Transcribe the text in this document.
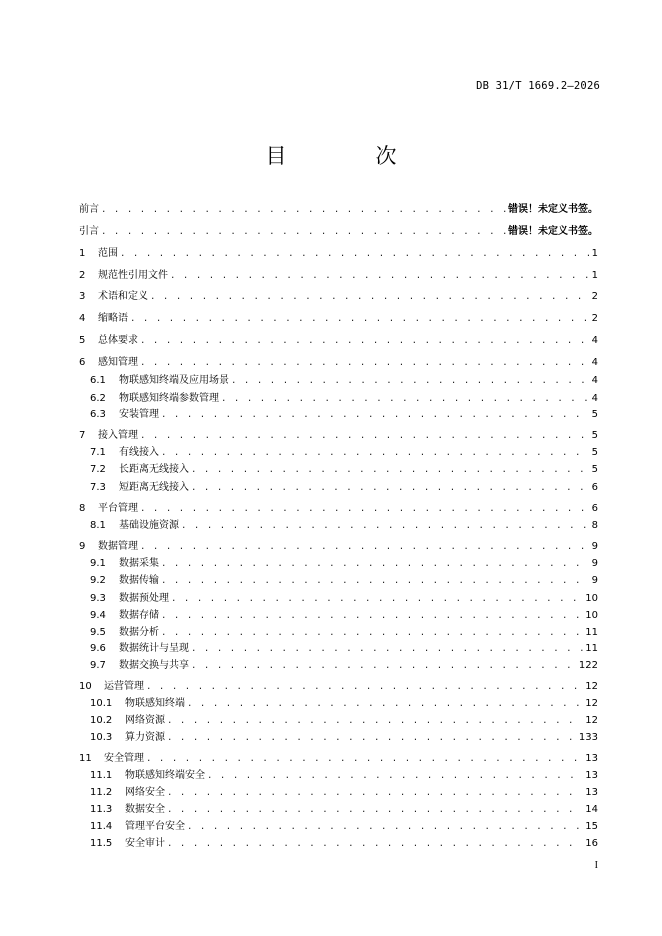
DB 31/T 1669.2—2026
目　次
前言 . . .	错误！未定义书签。
引言 . . .	错误！未定义书签。
1	范围 . . .	1
2	规范性引用文件 . . .	1
3	术语和定义 . . .	2
4	缩略语 . . .	2
5	总体要求 . . .	4
6	感知管理 . . .	4
6.1	物联感知终端及应用场景 . . .	4
6.2	物联感知终端参数管理 . . .	4
6.3	安装管理 . . .	5
7	接入管理 . . .	5
7.1	有线接入 . . .	5
7.2	长距离无线接入 . . .	5
7.3	短距离无线接入 . . .	6
8	平台管理 . . .	6
8.1	基础设施资源 . . .	8
9	数据管理 . . .	9
9.1	数据采集 . . .	9
9.2	数据传输 . . .	9
9.3	数据预处理 . . .	10
9.4	数据存储 . . .	10
9.5	数据分析 . . .	11
9.6	数据统计与呈现 . . .	11
9.7	数据交换与共享 . . .	122
10	运营管理 . . .	12
10.1	物联感知终端 . . .	12
10.2	网络资源 . . .	12
10.3	算力资源 . . .	133
11	安全管理 . . .	13
11.1	物联感知终端安全 . . .	13
11.2	网络安全 . . .	13
11.3	数据安全 . . .	14
11.4	管理平台安全 . . .	15
11.5	安全审计 . . .	16
I
